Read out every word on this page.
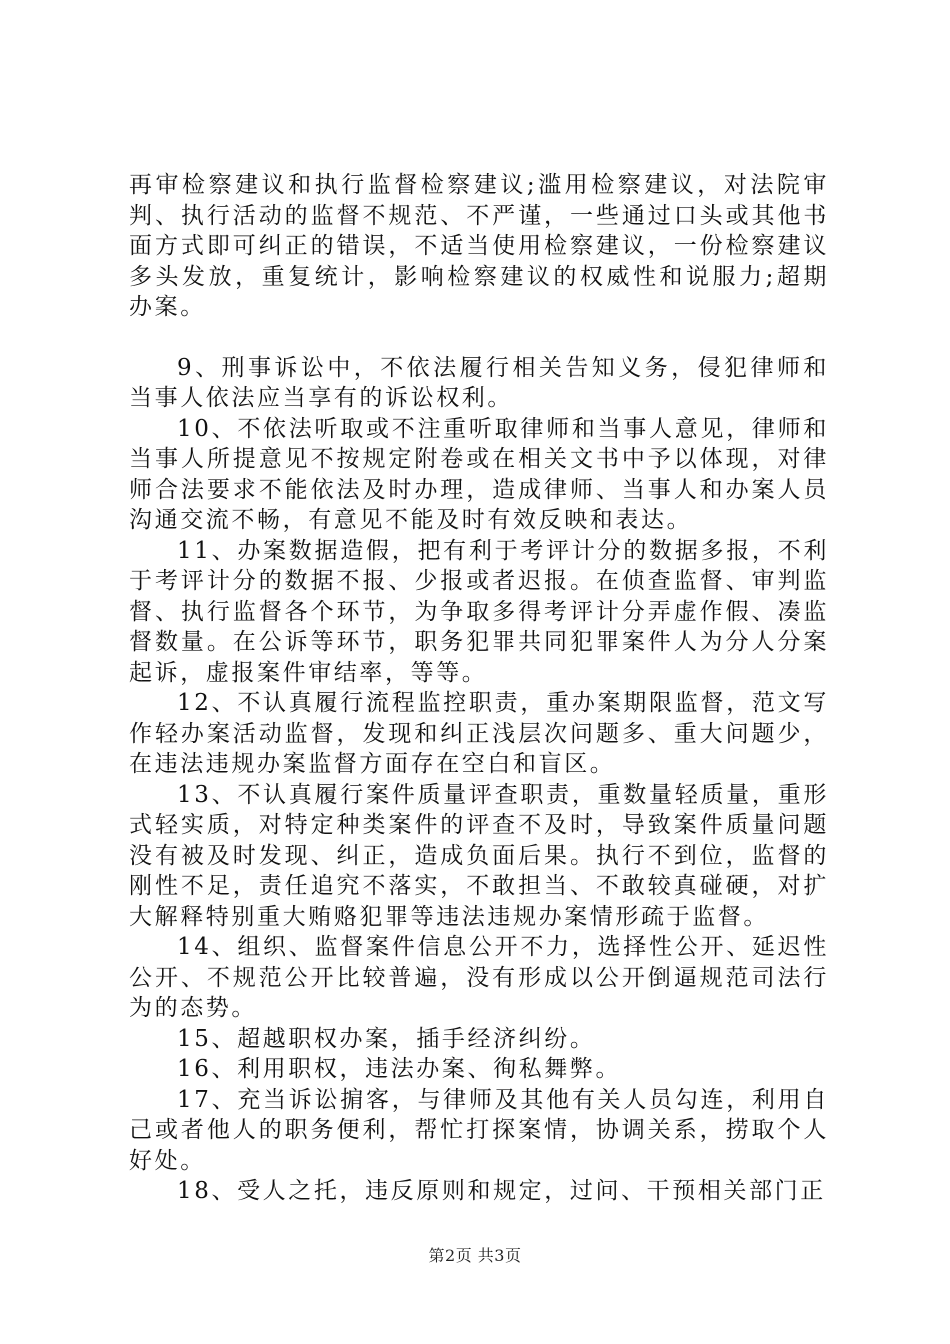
再审检察建议和执行监督检察建议;滥用检察建议，对法院审判、执行活动的监督不规范、不严谨，一些通过口头或其他书面方式即可纠正的错误，不适当使用检察建议，一份检察建议多头发放，重复统计，影响检察建议的权威性和说服力;超期办案。

9、刑事诉讼中，不依法履行相关告知义务，侵犯律师和当事人依法应当享有的诉讼权利。

10、不依法听取或不注重听取律师和当事人意见，律师和当事人所提意见不按规定附卷或在相关文书中予以体现，对律师合法要求不能依法及时办理，造成律师、当事人和办案人员沟通交流不畅，有意见不能及时有效反映和表达。

11、办案数据造假，把有利于考评计分的数据多报，不利于考评计分的数据不报、少报或者迟报。在侦查监督、审判监督、执行监督各个环节，为争取多得考评计分弄虚作假、凑监督数量。在公诉等环节，职务犯罪共同犯罪案件人为分人分案起诉，虚报案件审结率，等等。

12、不认真履行流程监控职责，重办案期限监督，范文写作轻办案活动监督，发现和纠正浅层次问题多、重大问题少，在违法违规办案监督方面存在空白和盲区。

13、不认真履行案件质量评查职责，重数量轻质量，重形式轻实质，对特定种类案件的评查不及时，导致案件质量问题没有被及时发现、纠正，造成负面后果。执行不到位，监督的刚性不足，责任追究不落实，不敢担当、不敢较真碰硬，对扩大解释特别重大贿赂犯罪等违法违规办案情形疏于监督。

14、组织、监督案件信息公开不力，选择性公开、延迟性公开、不规范公开比较普遍，没有形成以公开倒逼规范司法行为的态势。

15、超越职权办案，插手经济纠纷。

16、利用职权，违法办案、徇私舞弊。

17、充当诉讼掮客，与律师及其他有关人员勾连，利用自己或者他人的职务便利，帮忙打探案情，协调关系，捞取个人好处。

18、受人之托，违反原则和规定，过问、干预相关部门正

第2页 共3页
